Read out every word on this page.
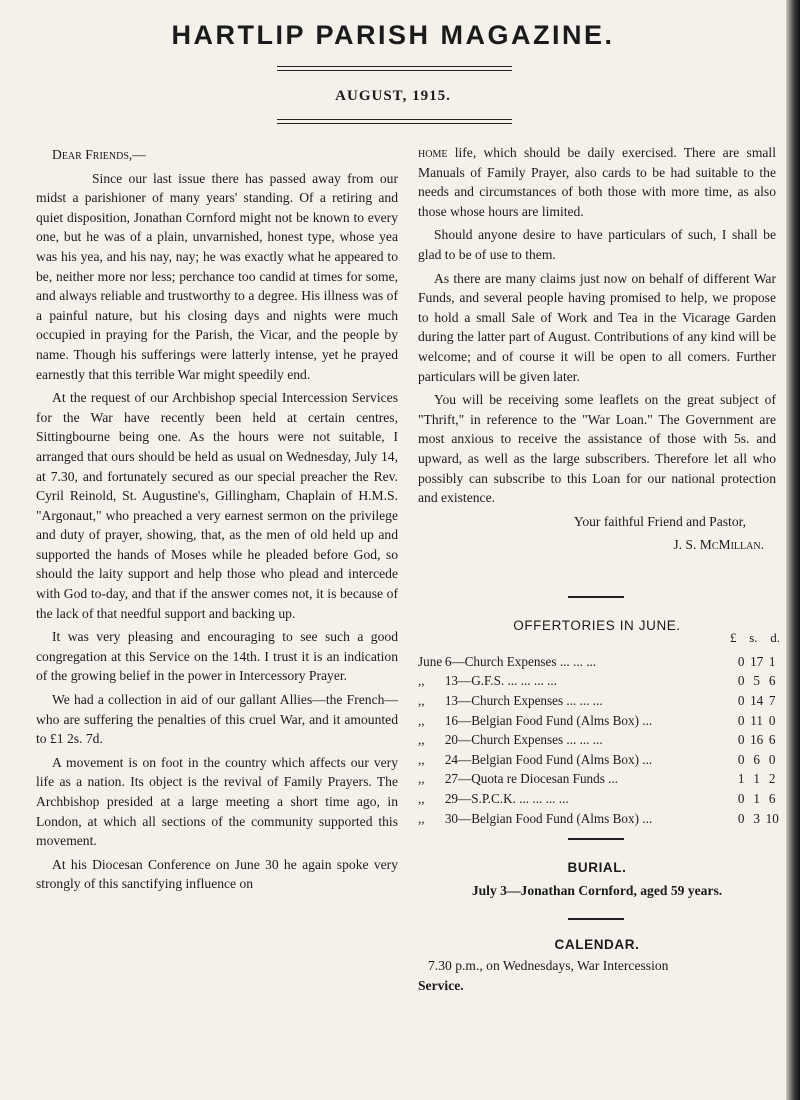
HARTLIP PARISH MAGAZINE.
AUGUST, 1915.

Dear Friends,—

Since our last issue there has passed away from our midst a parishioner of many years' standing. Of a retiring and quiet disposition, Jonathan Cornford might not be known to every one, but he was of a plain, unvarnished, honest type, whose yea was his yea, and his nay, nay; he was exactly what he appeared to be, neither more nor less; perchance too candid at times for some, and always reliable and trustworthy to a degree. His illness was of a painful nature, but his closing days and nights were much occupied in praying for the Parish, the Vicar, and the people by name. Though his sufferings were latterly intense, yet he prayed earnestly that this terrible War might speedily end.

At the request of our Archbishop special Intercession Services for the War have recently been held at certain centres, Sittingbourne being one. As the hours were not suitable, I arranged that ours should be held as usual on Wednesday, July 14, at 7.30, and fortunately secured as our special preacher the Rev. Cyril Reinold, St. Augustine's, Gillingham, Chaplain of H.M.S. "Argonaut," who preached a very earnest sermon on the privilege and duty of prayer, showing, that, as the men of old held up and supported the hands of Moses while he pleaded before God, so should the laity support and help those who plead and intercede with God to-day, and that if the answer comes not, it is because of the lack of that needful support and backing up.

It was very pleasing and encouraging to see such a good congregation at this Service on the 14th. I trust it is an indication of the growing belief in the power in Intercessory Prayer.

We had a collection in aid of our gallant Allies—the French—who are suffering the penalties of this cruel War, and it amounted to £1 2s. 7d.

A movement is on foot in the country which affects our very life as a nation. Its object is the revival of Family Prayers. The Archbishop presided at a large meeting a short time ago, in London, at which all sections of the community supported this movement.

At his Diocesan Conference on June 30 he again spoke very strongly of this sanctifying influence on

home life, which should be daily exercised. There are small Manuals of Family Prayer, also cards to be had suitable to the needs and circumstances of both those with more time, as also those whose hours are limited.

Should anyone desire to have particulars of such, I shall be glad to be of use to them.

As there are many claims just now on behalf of different War Funds, and several people having promised to help, we propose to hold a small Sale of Work and Tea in the Vicarage Garden during the latter part of August. Contributions of any kind will be welcome; and of course it will be open to all comers. Further particulars will be given later.

You will be receiving some leaflets on the great subject of "Thrift," in reference to the "War Loan." The Government are most anxious to receive the assistance of those with 5s. and upward, as well as the large subscribers. Therefore let all who possibly can subscribe to this Loan for our national protection and existence.

Your faithful Friend and Pastor,

J. S. McMillan.

OFFERTORIES IN JUNE.
£ s. d.
June	6—Church Expenses ... ... ...	0	17	1
,,	13—G.F.S. ... ... ... ...	0	5	6
,,	13—Church Expenses ... ... ...	0	14	7
,,	16—Belgian Food Fund (Alms Box) ...	0	11	0
,,	20—Church Expenses ... ... ...	0	16	6
,,	24—Belgian Food Fund (Alms Box) ...	0	6	0
,,	27—Quota re Diocesan Funds ...	1	1	2
,,	29—S.P.C.K. ... ... ... ...	0	1	6
,,	30—Belgian Food Fund (Alms Box) ...	0	3	10
BURIAL.
July 3—Jonathan Cornford, aged 59 years.
CALENDAR.
7.30 p.m., on Wednesdays, War Intercession
Service.
